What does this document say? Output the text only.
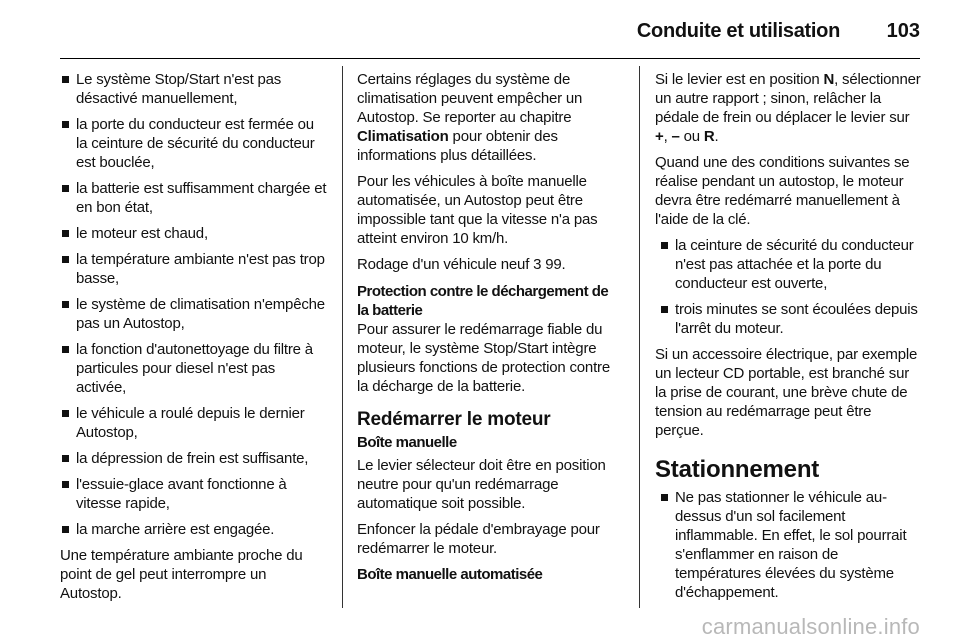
Conduite et utilisation 103
Le système Stop/Start n'est pas désactivé manuellement,
la porte du conducteur est fermée ou la ceinture de sécurité du conducteur est bouclée,
la batterie est suffisamment chargée et en bon état,
le moteur est chaud,
la température ambiante n'est pas trop basse,
le système de climatisation n'empêche pas un Autostop,
la fonction d'autonettoyage du filtre à particules pour diesel n'est pas activée,
le véhicule a roulé depuis le dernier Autostop,
la dépression de frein est suffisante,
l'essuie-glace avant fonctionne à vitesse rapide,
la marche arrière est engagée.

Une température ambiante proche du point de gel peut interrompre un Autostop.

Certains réglages du système de climatisation peuvent empêcher un Autostop. Se reporter au chapitre Climatisation pour obtenir des informations plus détaillées.

Pour les véhicules à boîte manuelle automatisée, un Autostop peut être impossible tant que la vitesse n'a pas atteint environ 10 km/h.

Rodage d'un véhicule neuf 3 99.

Protection contre le déchargement de la batterie

Pour assurer le redémarrage fiable du moteur, le système Stop/Start intègre plusieurs fonctions de protection contre la décharge de la batterie.

Redémarrer le moteur
Boîte manuelle

Le levier sélecteur doit être en position neutre pour qu'un redémarrage automatique soit possible.

Enfoncer la pédale d'embrayage pour redémarrer le moteur.

Boîte manuelle automatisée

Si le levier est en position N, sélectionner un autre rapport ; sinon, relâcher la pédale de frein ou déplacer le levier sur +, – ou R.

Quand une des conditions suivantes se réalise pendant un autostop, le moteur devra être redémarré manuellement à l'aide de la clé.

la ceinture de sécurité du conducteur n'est pas attachée et la porte du conducteur est ouverte,
trois minutes se sont écoulées depuis l'arrêt du moteur.

Si un accessoire électrique, par exemple un lecteur CD portable, est branché sur la prise de courant, une brève chute de tension au redémarrage peut être perçue.

Stationnement
Ne pas stationner le véhicule au-dessus d'un sol facilement inflammable. En effet, le sol pourrait s'enflammer en raison de températures élevées du système d'échappement.
carmanualsonline.info
